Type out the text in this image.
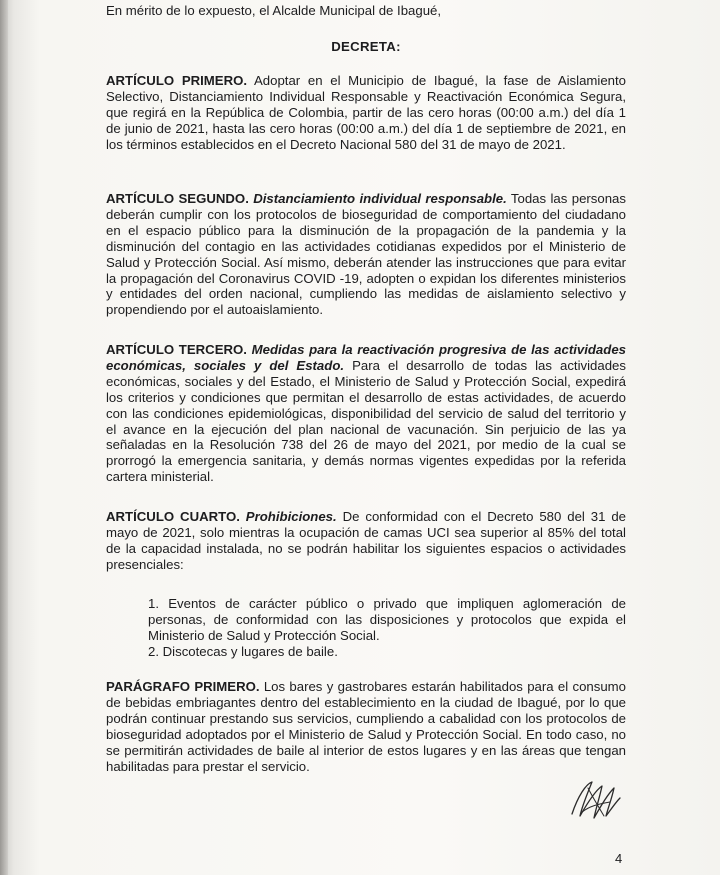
En mérito de lo expuesto, el Alcalde Municipal de Ibagué,

DECRETA:

ARTÍCULO PRIMERO. Adoptar en el Municipio de Ibagué, la fase de Aislamiento Selectivo, Distanciamiento Individual Responsable y Reactivación Económica Segura, que regirá en la República de Colombia, partir de las cero horas (00:00 a.m.) del día 1 de junio de 2021, hasta las cero horas (00:00 a.m.) del día 1 de septiembre de 2021, en los términos establecidos en el Decreto Nacional 580 del 31 de mayo de 2021.

ARTÍCULO SEGUNDO. Distanciamiento individual responsable. Todas las personas deberán cumplir con los protocolos de bioseguridad de comportamiento del ciudadano en el espacio público para la disminución de la propagación de la pandemia y la disminución del contagio en las actividades cotidianas expedidos por el Ministerio de Salud y Protección Social. Así mismo, deberán atender las instrucciones que para evitar la propagación del Coronavirus COVID -19, adopten o expidan los diferentes ministerios y entidades del orden nacional, cumpliendo las medidas de aislamiento selectivo y propendiendo por el autoaislamiento.

ARTÍCULO TERCERO. Medidas para la reactivación progresiva de las actividades económicas, sociales y del Estado. Para el desarrollo de todas las actividades económicas, sociales y del Estado, el Ministerio de Salud y Protección Social, expedirá los criterios y condiciones que permitan el desarrollo de estas actividades, de acuerdo con las condiciones epidemiológicas, disponibilidad del servicio de salud del territorio y el avance en la ejecución del plan nacional de vacunación. Sin perjuicio de las ya señaladas en la Resolución 738 del 26 de mayo del 2021, por medio de la cual se prorrogó la emergencia sanitaria, y demás normas vigentes expedidas por la referida cartera ministerial.

ARTÍCULO CUARTO. Prohibiciones. De conformidad con el Decreto 580 del 31 de mayo de 2021, solo mientras la ocupación de camas UCI sea superior al 85% del total de la capacidad instalada, no se podrán habilitar los siguientes espacios o actividades presenciales:

1. Eventos de carácter público o privado que impliquen aglomeración de personas, de conformidad con las disposiciones y protocolos que expida el Ministerio de Salud y Protección Social.

2. Discotecas y lugares de baile.

PARÁGRAFO PRIMERO. Los bares y gastrobares estarán habilitados para el consumo de bebidas embriagantes dentro del establecimiento en la ciudad de Ibagué, por lo que podrán continuar prestando sus servicios, cumpliendo a cabalidad con los protocolos de bioseguridad adoptados por el Ministerio de Salud y Protección Social. En todo caso, no se permitirán actividades de baile al interior de estos lugares y en las áreas que tengan habilitadas para prestar el servicio.

4
